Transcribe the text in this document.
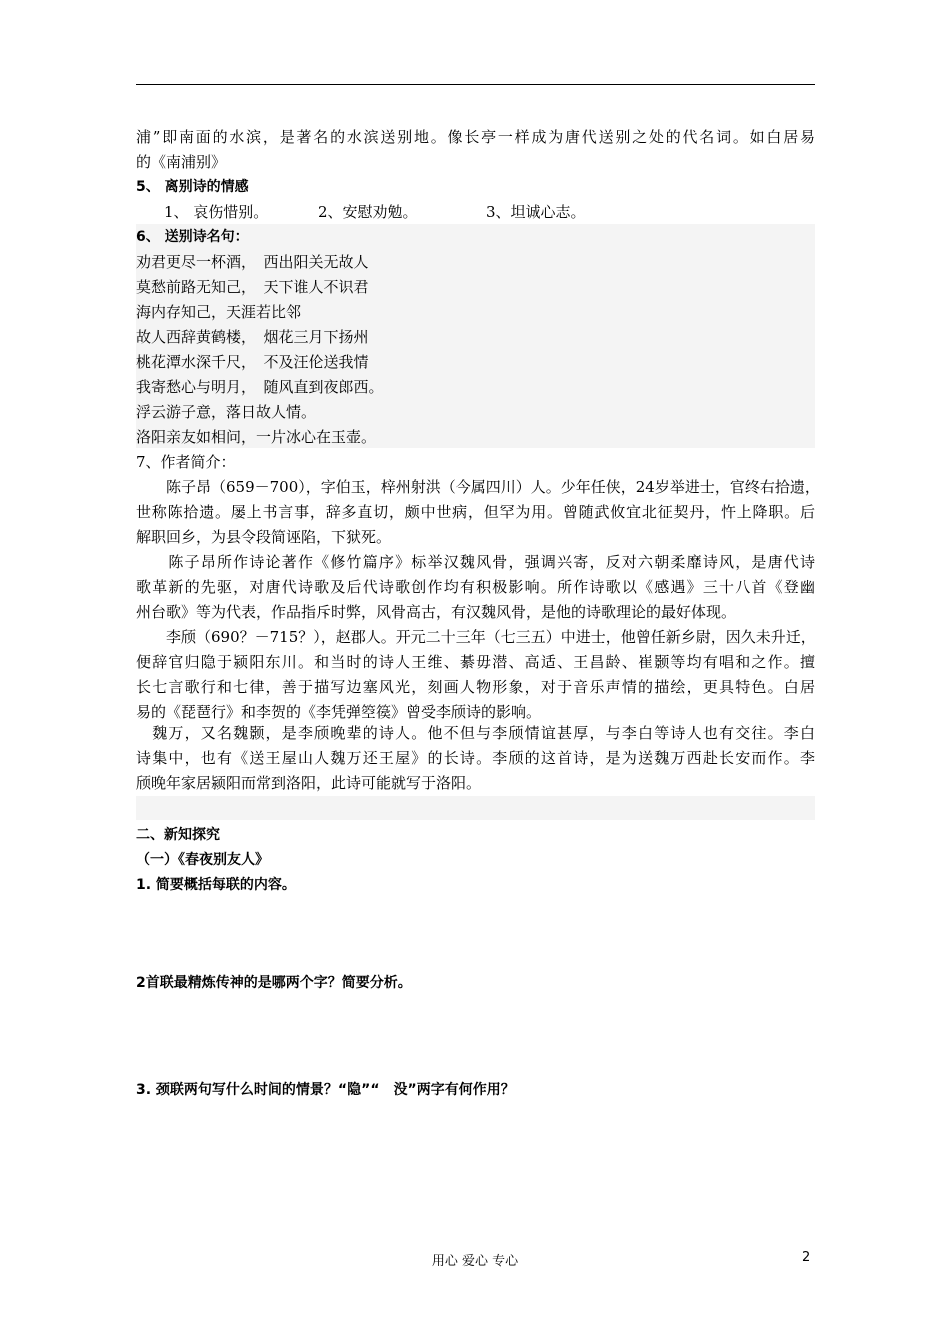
浦”即南面的水滨，是著名的水滨送别地。像长亭一样成为唐代送别之处的代名词。如白居易
的《南浦别》
5、 离别诗的情感
1、 哀伤惜别。	2、安慰劝勉。	3、坦诚心志。
6、 送别诗名句：
劝君更尽一杯酒，　西出阳关无故人
莫愁前路无知己，　天下谁人不识君
海内存知己，天涯若比邻
故人西辞黄鹤楼，　烟花三月下扬州
桃花潭水深千尺，　不及汪伦送我情
我寄愁心与明月，　随风直到夜郎西。
浮云游子意，落日故人情。
洛阳亲友如相问，一片冰心在玉壶。
7、作者简介：
　　陈子昂（659－700），字伯玉，梓州射洪（今属四川）人。少年任侠，24岁举进士，官终右拾遗，
世称陈拾遗。屡上书言事，辞多直切，颇中世病，但罕为用。曾随武攸宜北征契丹，忤上降职。后
解职回乡，为县令段简诬陷，下狱死。
　　陈子昂所作诗论著作《修竹篇序》标举汉魏风骨，强调兴寄，反对六朝柔靡诗风，是唐代诗
歌革新的先驱，对唐代诗歌及后代诗歌创作均有积极影响。所作诗歌以《感遇》三十八首《登幽
州台歌》等为代表，作品指斥时弊，风骨高古，有汉魏风骨，是他的诗歌理论的最好体现。
　　李颀（690？－715？），赵郡人。开元二十三年（七三五）中进士，他曾任新乡尉，因久未升迁，
便辞官归隐于颍阳东川。和当时的诗人王维、綦毋潜、高适、王昌龄、崔颢等均有唱和之作。擅
长七言歌行和七律，善于描写边塞风光，刻画人物形象，对于音乐声情的描绘，更具特色。白居
易的《琵琶行》和李贺的《李凭弹箜篌》曾受李颀诗的影响。
　魏万，又名魏颢，是李颀晚辈的诗人。他不但与李颀情谊甚厚，与李白等诗人也有交往。李白
诗集中，也有《送王屋山人魏万还王屋》的长诗。李颀的这首诗，是为送魏万西赴长安而作。李
颀晚年家居颍阳而常到洛阳，此诗可能就写于洛阳。
二、新知探究
（一）《春夜别友人》
1. 简要概括每联的内容。
2首联最精炼传神的是哪两个字？简要分析。
3. 颈联两句写什么时间的情景？“隐”“　没”两字有何作用？
用心 爱心 专心	2
